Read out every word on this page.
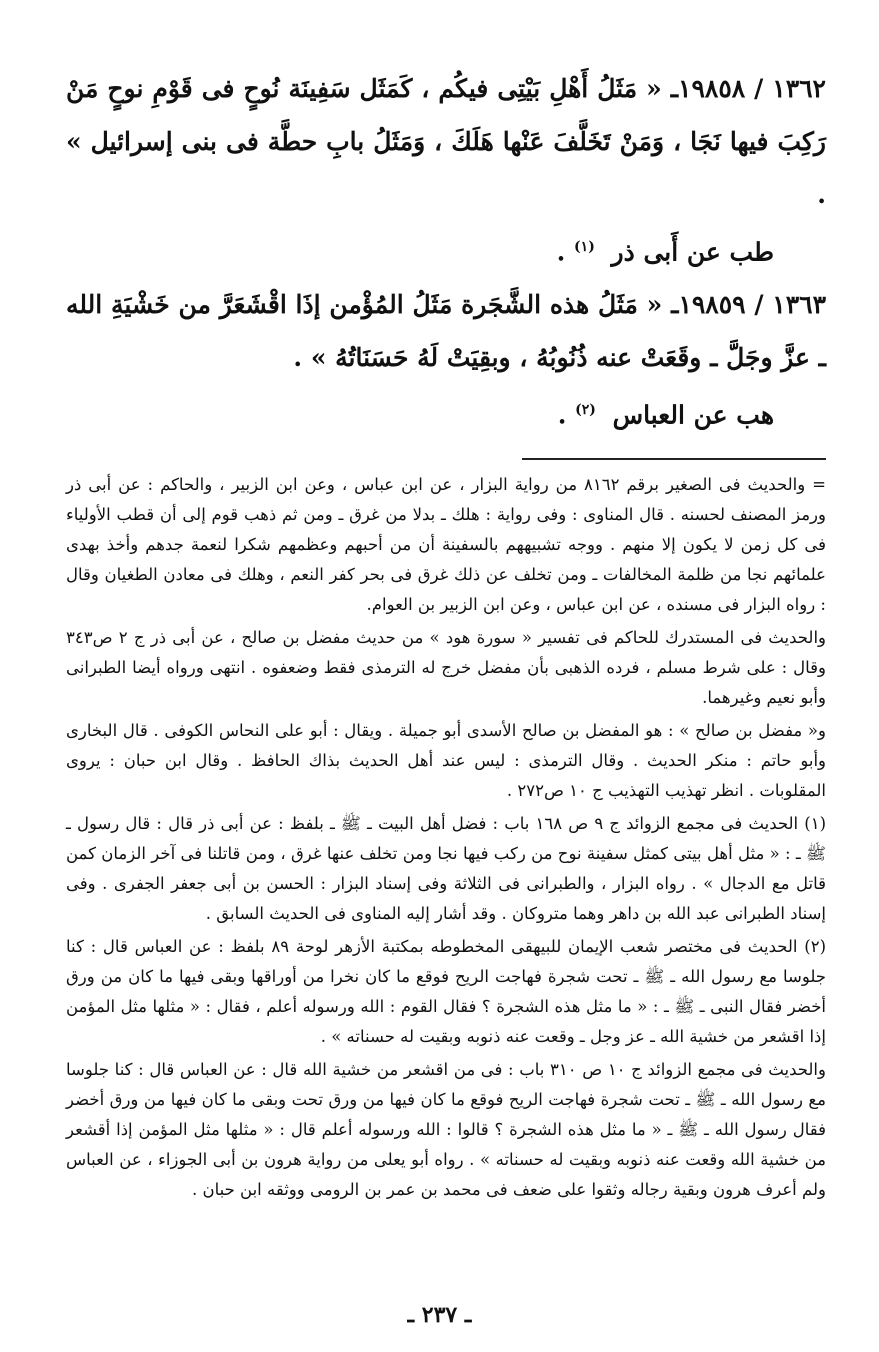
١٣٦٢ / ١٩٨٥٨ـ « مَثَلُ أَهْلِ بَيْتِى فيكُم ، كَمَثَل سَفِينَة نُوحٍ فى قَوْمِ نوحٍ مَنْ رَكِبَ فيها نَجَا ، وَمَنْ تَخَلَّفَ عَنْها هَلَكَ ، وَمَثَلُ بابِ حطَّة فى بنى إسرائيل » .

طب عن أَبى ذر $^{(١)}$ .

١٣٦٣ / ١٩٨٥٩ـ « مَثَلُ هذه الشَّجَرة مَثَلُ المُؤْمن إذَا اقْشَعَرَّ من خَشْيَةِ الله ـ عزَّ وجَلَّ ـ وقَعَتْ عنه ذُنُوبُهُ ، وبقِيَتْ لَهُ حَسَنَاتُهُ » .

هب عن العباس $^{(٢)}$ .

= والحديث فى الصغير برقم ٨١٦٢ من رواية البزار ، عن ابن عباس ، وعن ابن الزبير ، والحاكم : عن أبى ذر ورمز المصنف لحسنه . قال المناوى : وفى رواية : هلك ـ بدلا من غرق ـ ومن ثم ذهب قوم إلى أن قطب الأولياء فى كل زمن لا يكون إلا منهم . ووجه تشبيههم بالسفينة أن من أحبهم وعظمهم شكرا لنعمة جدهم وأخذ بهدى علمائهم نجا من ظلمة المخالفات ـ ومن تخلف عن ذلك غرق فى بحر كفر النعم ، وهلك فى معادن الطغيان وقال : رواه البزار فى مسنده ، عن ابن عباس ، وعن ابن الزبير بن العوام.

والحديث فى المستدرك للحاكم فى تفسير « سورة هود » من حديث مفضل بن صالح ، عن أبى ذر ج ٢ ص٣٤٣ وقال : على شرط مسلم ، فرده الذهبى بأن مفضل خرج له الترمذى فقط وضعفوه . انتهى ورواه أيضا الطبرانى وأبو نعيم وغيرهما.

و« مفضل بن صالح » : هو المفضل بن صالح الأسدى أبو جميلة . ويقال : أبو على النحاس الكوفى . قال البخارى وأبو حاتم : منكر الحديث . وقال الترمذى : ليس عند أهل الحديث بذاك الحافظ . وقال ابن حبان : يروى المقلوبات . انظر تهذيب التهذيب ج ١٠ ص٢٧٢ .

(١) الحديث فى مجمع الزوائد ج ٩ ص ١٦٨ باب : فضل أهل البيت ـ ﷺ ـ بلفظ : عن أبى ذر قال : قال رسول ـ ﷺ ـ : « مثل أهل بيتى كمثل سفينة نوح من ركب فيها نجا ومن تخلف عنها غرق ، ومن قاتلنا فى آخر الزمان كمن قاتل مع الدجال » . رواه البزار ، والطبرانى فى الثلاثة وفى إسناد البزار : الحسن بن أبى جعفر الجفرى . وفى إسناد الطبرانى عبد الله بن داهر وهما متروكان . وقد أشار إليه المناوى فى الحديث السابق .

(٢) الحديث فى مختصر شعب الإيمان للبيهقى المخطوطه بمكتبة الأزهر لوحة ٨٩ بلفظ : عن العباس قال : كنا جلوسا مع رسول الله ـ ﷺ ـ تحت شجرة فهاجت الريح فوقع ما كان نخرا من أوراقها وبقى فيها ما كان من ورق أخضر فقال النبى ـ ﷺ ـ : « ما مثل هذه الشجرة ؟ فقال القوم : الله ورسوله أعلم ، فقال : « مثلها مثل المؤمن إذا اقشعر من خشية الله ـ عز وجل ـ وقعت عنه ذنوبه وبقيت له حسناته » .

والحديث فى مجمع الزوائد ج ١٠ ص ٣١٠ باب : فى من اقشعر من خشية الله قال : عن العباس قال : كنا جلوسا مع رسول الله ـ ﷺ ـ تحت شجرة فهاجت الريح فوقع ما كان فيها من ورق تحت وبقى ما كان فيها من ورق أخضر فقال رسول الله ـ ﷺ ـ « ما مثل هذه الشجرة ؟ قالوا : الله ورسوله أعلم قال : « مثلها مثل المؤمن إذا أقشعر من خشية الله وقعت عنه ذنوبه وبقيت له حسناته » . رواه أبو يعلى من رواية هرون بن أبى الجوزاء ، عن العباس ولم أعرف هرون وبقية رجاله وثقوا على ضعف فى محمد بن عمر بن الرومى ووثقه ابن حبان .

ـ ٢٣٧ ـ
